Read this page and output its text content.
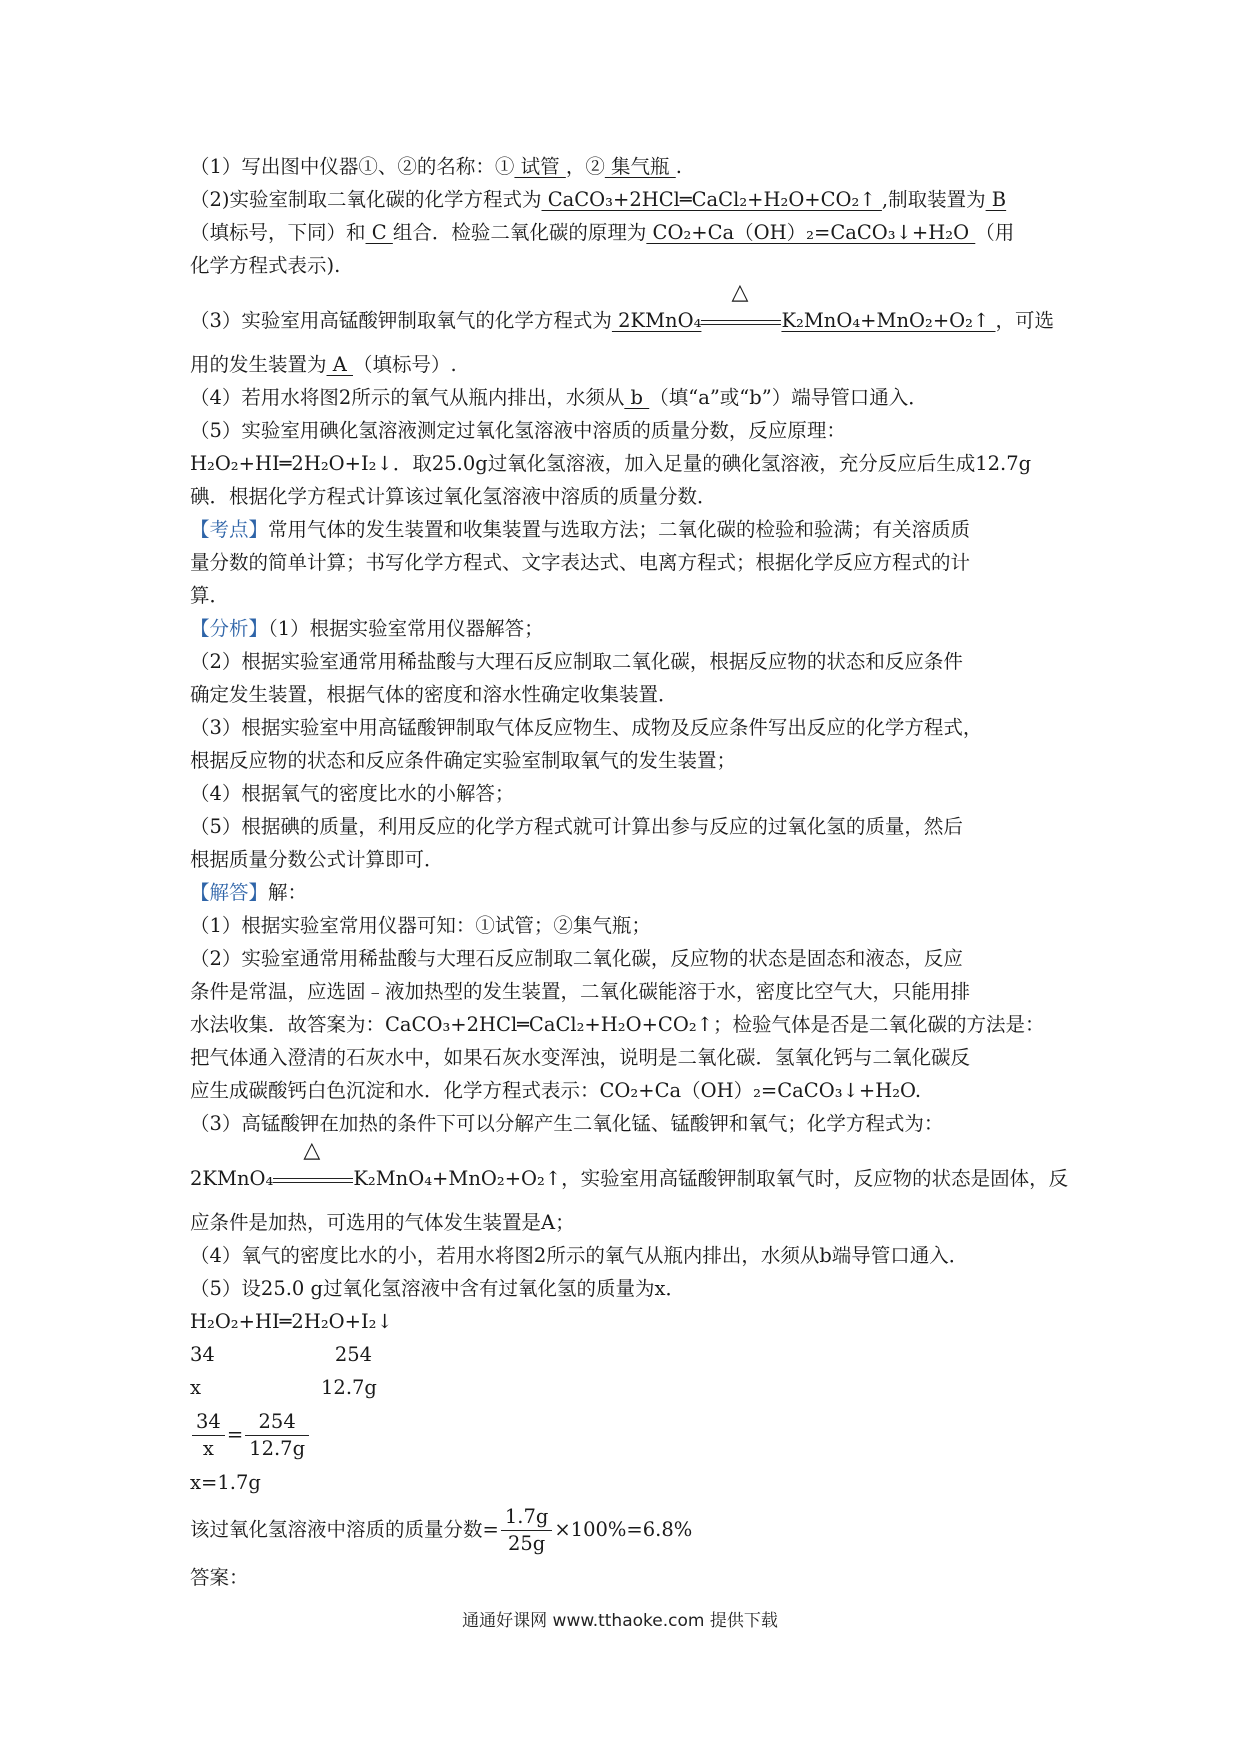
（1）写出图中仪器①、②的名称：① 试管 ，② 集气瓶 .
（2)实验室制取二氧化碳的化学方程式为 CaCO₃+2HCl═CaCl₂+H₂O+CO₂↑ ,制取装置为 B
（填标号，下同）和 C 组合．检验二氧化碳的原理为 CO₂+Ca（OH）₂=CaCO₃↓+H₂O （用
化学方程式表示).
（3）实验室用高锰酸钾制取氧气的化学方程式为 2KMnO₄
△
K₂MnO₄+MnO₂+O₂↑ ，可选
用的发生装置为 A （填标号）.
（4）若用水将图2所示的氧气从瓶内排出，水须从 b （填“a”或“b”）端导管口通入．
（5）实验室用碘化氢溶液测定过氧化氢溶液中溶质的质量分数，反应原理：
H₂O₂+HI═2H₂O+I₂↓．取25.0g过氧化氢溶液，加入足量的碘化氢溶液，充分反应后生成12.7g
碘．根据化学方程式计算该过氧化氢溶液中溶质的质量分数．
【考点】常用气体的发生装置和收集装置与选取方法；二氧化碳的检验和验满；有关溶质质
量分数的简单计算；书写化学方程式、文字表达式、电离方程式；根据化学反应方程式的计
算．
【分析】（1）根据实验室常用仪器解答；
（2）根据实验室通常用稀盐酸与大理石反应制取二氧化碳，根据反应物的状态和反应条件
确定发生装置，根据气体的密度和溶水性确定收集装置．
（3）根据实验室中用高锰酸钾制取气体反应物生、成物及反应条件写出反应的化学方程式，
根据反应物的状态和反应条件确定实验室制取氧气的发生装置；
（4）根据氧气的密度比水的小解答；
（5）根据碘的质量，利用反应的化学方程式就可计算出参与反应的过氧化氢的质量，然后
根据质量分数公式计算即可．
【解答】解：
（1）根据实验室常用仪器可知：①试管；②集气瓶；
（2）实验室通常用稀盐酸与大理石反应制取二氧化碳，反应物的状态是固态和液态，反应
条件是常温，应选固﹣液加热型的发生装置，二氧化碳能溶于水，密度比空气大，只能用排
水法收集．故答案为：CaCO₃+2HCl═CaCl₂+H₂O+CO₂↑；检验气体是否是二氧化碳的方法是：
把气体通入澄清的石灰水中，如果石灰水变浑浊，说明是二氧化碳．氢氧化钙与二氧化碳反
应生成碳酸钙白色沉淀和水．化学方程式表示：CO₂+Ca（OH）₂=CaCO₃↓+H₂O.
（3）高锰酸钾在加热的条件下可以分解产生二氧化锰、锰酸钾和氧气；化学方程式为：
2KMnO₄
△
K₂MnO₄+MnO₂+O₂↑，实验室用高锰酸钾制取氧气时，反应物的状态是固体，反
应条件是加热，可选用的气体发生装置是A；
（4）氧气的密度比水的小，若用水将图2所示的氧气从瓶内排出，水须从b端导管口通入．
（5）设25.0 g过氧化氢溶液中含有过氧化氢的质量为x．
H₂O₂+HI═2H₂O+I₂↓
34	254
x	12.7g
$\frac{34}{x} = \frac{254}{12.7g}$
x=1.7g
该过氧化氢溶液中溶质的质量分数= $\frac{1.7g}{25g} \times 100\%=6.8\%$
答案：
通通好课网 www.tthaoke.com 提供下载
